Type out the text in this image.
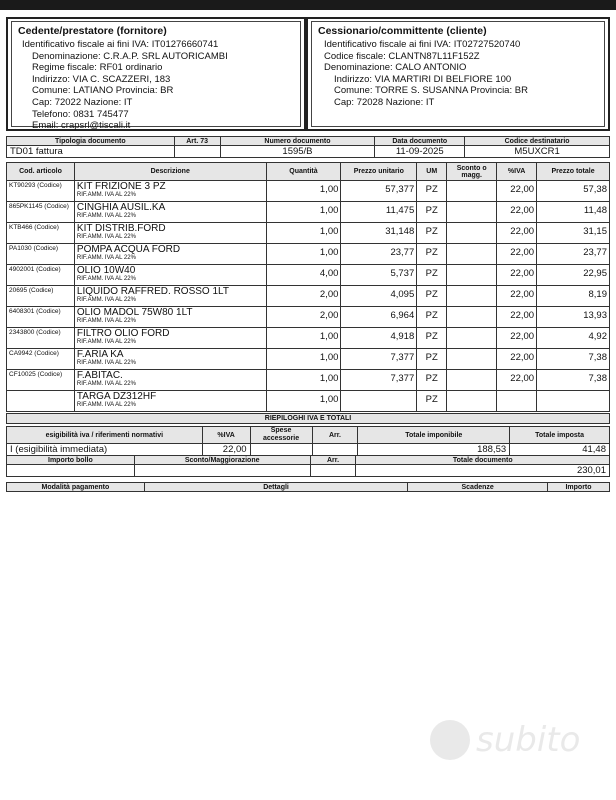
Cedente/prestatore (fornitore)
Identificativo fiscale ai fini IVA: IT01276660741
Denominazione: C.R.A.P. SRL AUTORICAMBI
Regime fiscale: RF01 ordinario
Indirizzo: VIA C. SCAZZERI, 183
Comune: LATIANO Provincia: BR
Cap: 72022 Nazione: IT
Telefono: 0831 745477
Email: crapsrl@tiscali.it
Cessionario/committente (cliente)
Identificativo fiscale ai fini IVA: IT02727520740
Codice fiscale: CLANTN87L11F152Z
Denominazione: CALO ANTONIO
Indirizzo: VIA MARTIRI DI BELFIORE 100
Comune: TORRE S. SUSANNA Provincia: BR
Cap: 72028 Nazione: IT
Tipologia documento	Art. 73	Numero documento	Data documento	Codice destinatario
TD01 fattura		1595/B	11-09-2025	M5UXCR1
Cod. articolo	Descrizione	Quantità	Prezzo unitario	UM	Sconto o magg.	%IVA	Prezzo totale
KT90293 (Codice)	KIT FRIZIONE 3 PZ
RIF.AMM. IVA AL 22%	1,00	57,377	PZ		22,00	57,38
865PK1145 (Codice)	CINGHIA AUSIL.KA
RIF.AMM. IVA AL 22%	1,00	11,475	PZ		22,00	11,48
KTB466 (Codice)	KIT DISTRIB.FORD
RIF.AMM. IVA AL 22%	1,00	31,148	PZ		22,00	31,15
PA1030 (Codice)	POMPA ACQUA FORD
RIF.AMM. IVA AL 22%	1,00	23,77	PZ		22,00	23,77
4902001 (Codice)	OLIO 10W40
RIF.AMM. IVA AL 22%	4,00	5,737	PZ		22,00	22,95
20695 (Codice)	LIQUIDO RAFFRED. ROSSO 1LT
RIF.AMM. IVA AL 22%	2,00	4,095	PZ		22,00	8,19
6408301 (Codice)	OLIO MADOL 75W80 1LT
RIF.AMM. IVA AL 22%	2,00	6,964	PZ		22,00	13,93
2343800 (Codice)	FILTRO OLIO FORD
RIF.AMM. IVA AL 22%	1,00	4,918	PZ		22,00	4,92
CA9942 (Codice)	F.ARIA KA
RIF.AMM. IVA AL 22%	1,00	7,377	PZ		22,00	7,38
CF10025 (Codice)	F.ABITAC.
RIF.AMM. IVA AL 22%	1,00	7,377	PZ		22,00	7,38

	TARGA DZ312HF
RIF.AMM. IVA AL 22%	1,00		PZ			
RIEPILOGHI IVA E TOTALI
esigibilità iva / riferimenti normativi	%IVA	Spese accessorie	Arr.	Totale imponibile	Totale imposta
I (esigibilità immediata)	22,00			188,53	41,48
Importo bollo	Sconto/Maggiorazione	Arr.	Totale documento
			230,01
Modalità pagamento	Dettagli	Scadenze	Importo
subito
